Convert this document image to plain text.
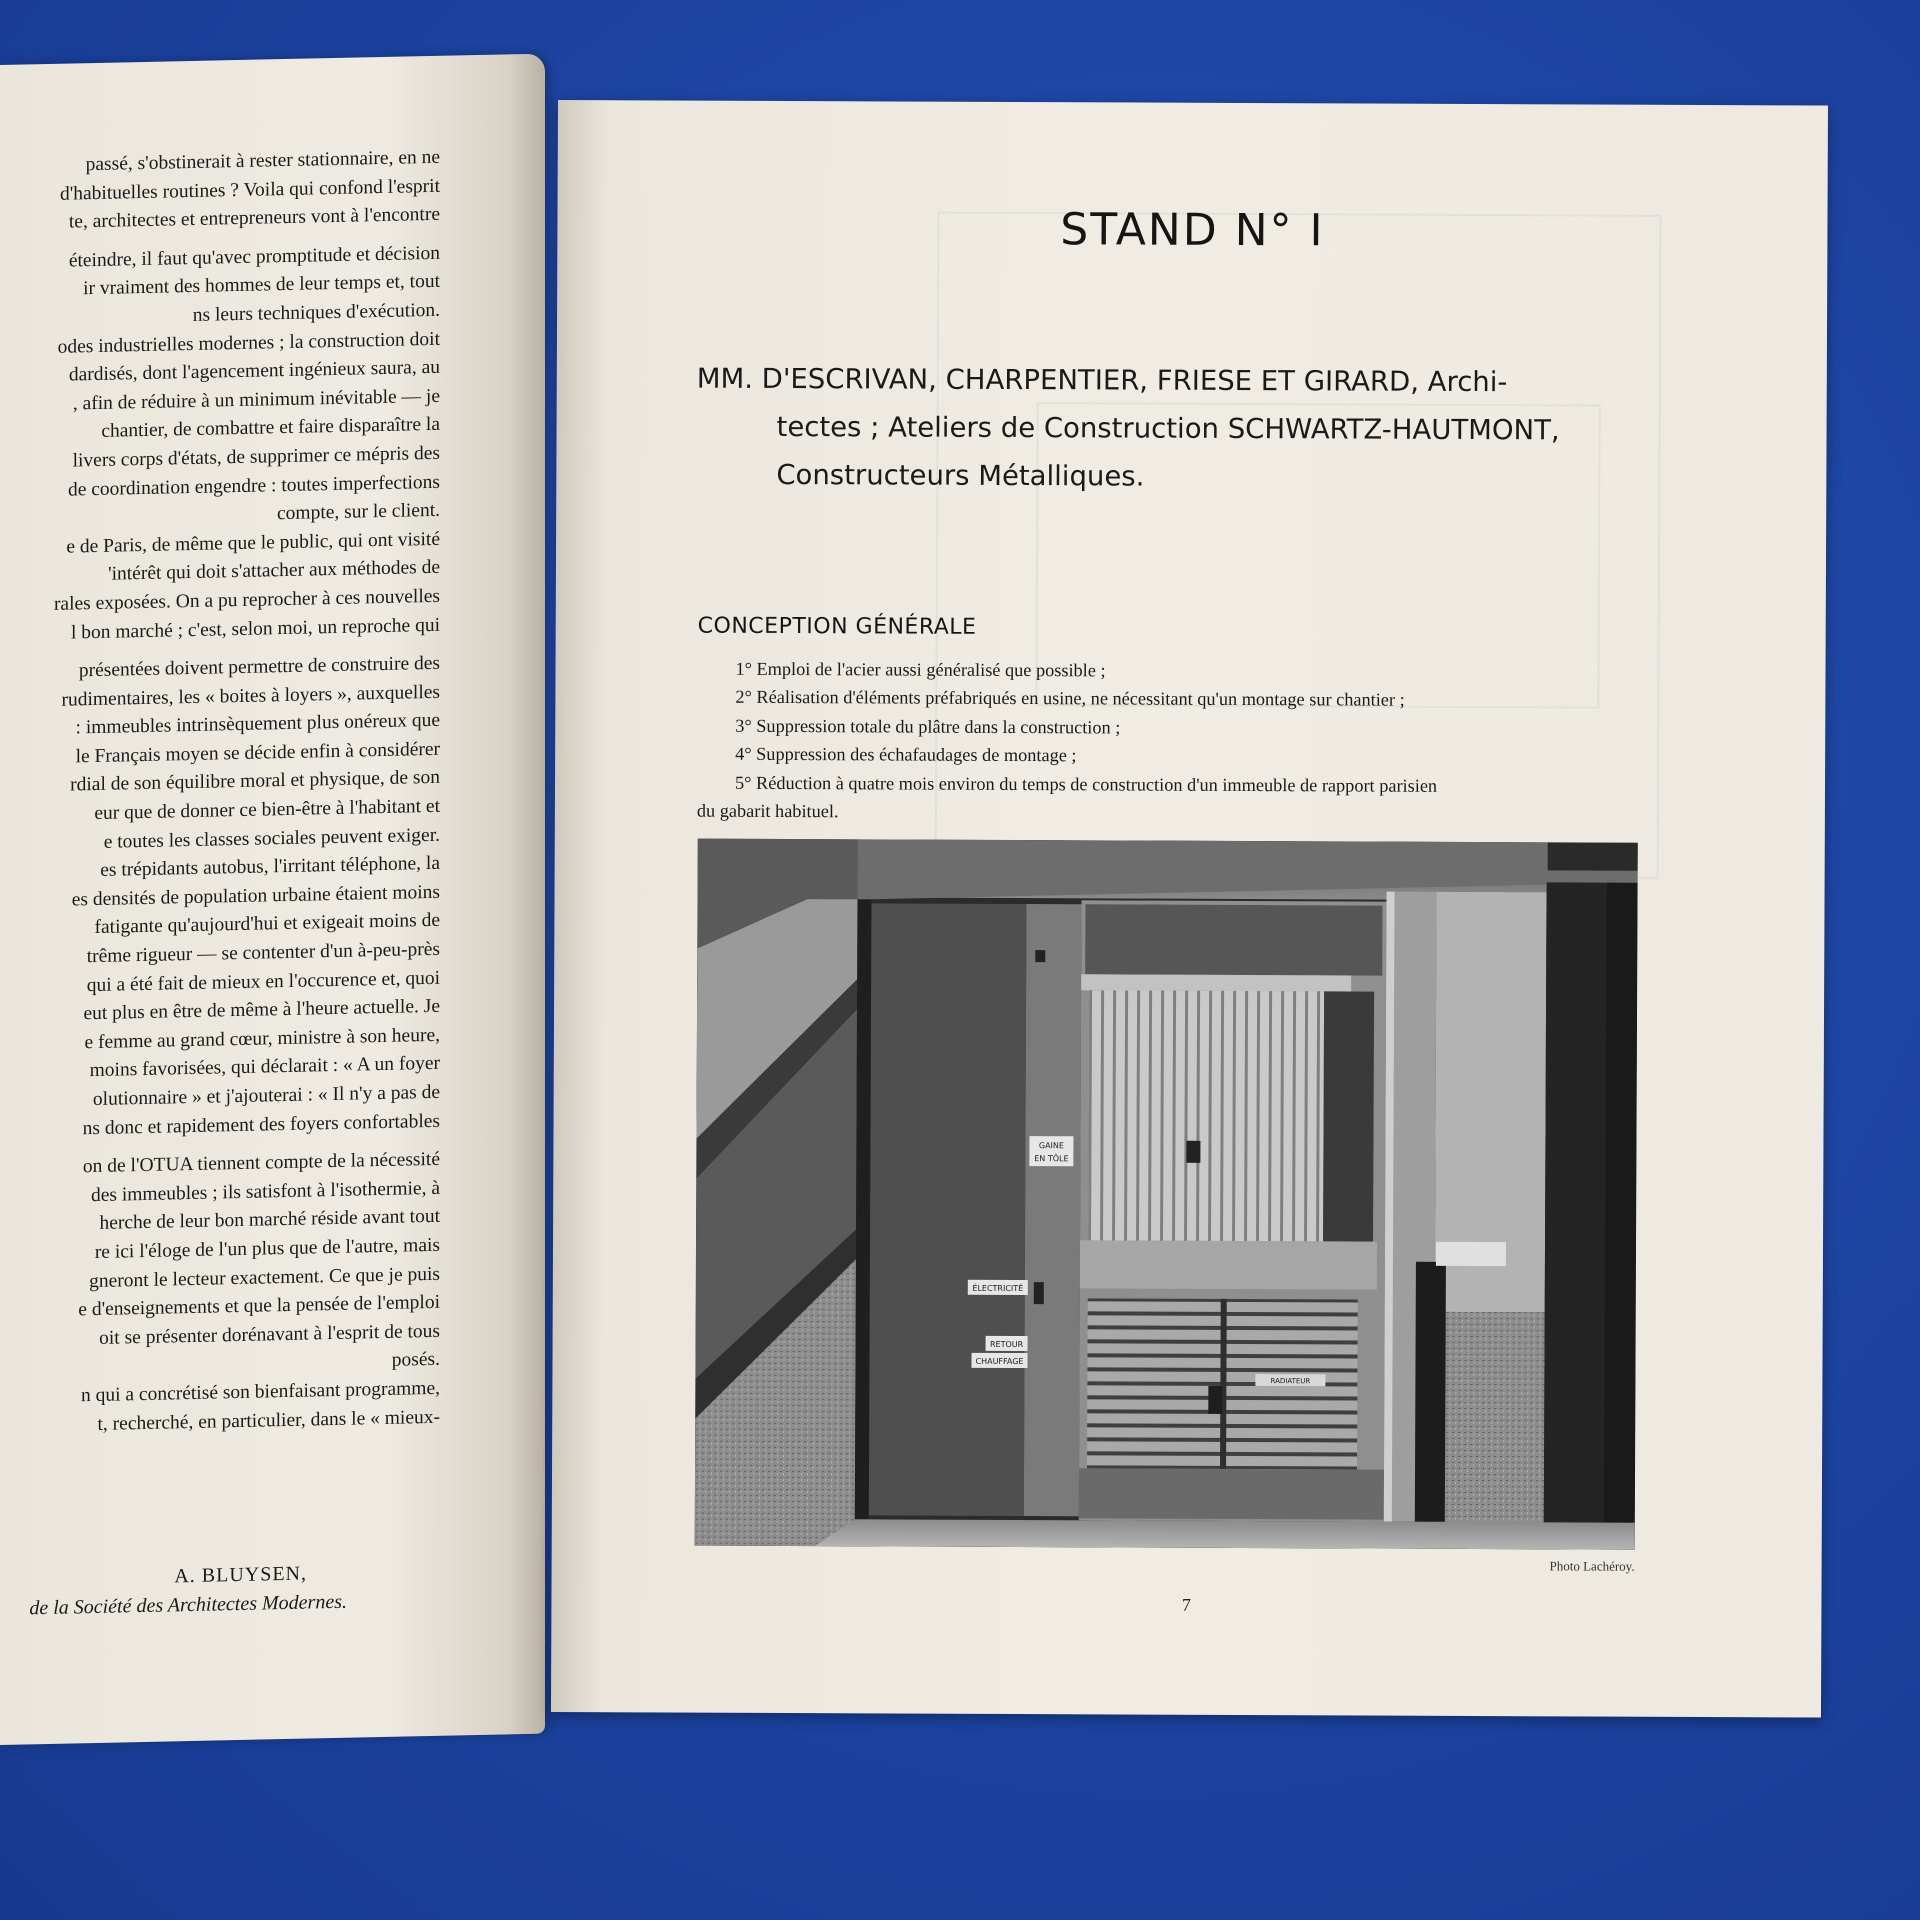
passé, s'obstinerait à rester stationnaire, en ne
d'habituelles routines ? Voila qui confond l'esprit
te, architectes et entrepreneurs vont à l'encontre
éteindre, il faut qu'avec promptitude et décision
ir vraiment des hommes de leur temps et, tout
ns leurs techniques d'exécution.
odes industrielles modernes ; la construction doit
dardisés, dont l'agencement ingénieux saura, au
, afin de réduire à un minimum inévitable — je
chantier, de combattre et faire disparaître la
livers corps d'états, de supprimer ce mépris des
de coordination engendre : toutes imperfections
compte, sur le client.
e de Paris, de même que le public, qui ont visité
'intérêt qui doit s'attacher aux méthodes de
rales exposées. On a pu reprocher à ces nouvelles
l bon marché ; c'est, selon moi, un reproche qui
présentées doivent permettre de construire des
rudimentaires, les « boites à loyers », auxquelles
: immeubles intrinsèquement plus onéreux que
le Français moyen se décide enfin à considérer
rdial de son équilibre moral et physique, de son
eur que de donner ce bien-être à l'habitant et
e toutes les classes sociales peuvent exiger.
es trépidants autobus, l'irritant téléphone, la
es densités de population urbaine étaient moins
fatigante qu'aujourd'hui et exigeait moins de
trême rigueur — se contenter d'un à-peu-près
qui a été fait de mieux en l'occurence et, quoi
eut plus en être de même à l'heure actuelle. Je
e femme au grand cœur, ministre à son heure,
moins favorisées, qui déclarait : « A un foyer
olutionnaire » et j'ajouterai : « Il n'y a pas de
ns donc et rapidement des foyers confortables
on de l'OTUA tiennent compte de la nécessité
des immeubles ; ils satisfont à l'isothermie, à
herche de leur bon marché réside avant tout
re ici l'éloge de l'un plus que de l'autre, mais
gneront le lecteur exactement. Ce que je puis
e d'enseignements et que la pensée de l'emploi
oit se présenter dorénavant à l'esprit de tous
posés.
n qui a concrétisé son bienfaisant programme,
t, recherché, en particulier, dans le « mieux-
A. BLUYSEN,
de la Société des Architectes Modernes.
STAND N° I
MM. D'ESCRIVAN, CHARPENTIER, FRIESE ET GIRARD, Archi-
tectes ; Ateliers de Construction SCHWARTZ-HAUTMONT,
Constructeurs Métalliques.
CONCEPTION GÉNÉRALE
1° Emploi de l'acier aussi généralisé que possible ;
2° Réalisation d'éléments préfabriqués en usine, ne nécessitant qu'un montage sur chantier ;
3° Suppression totale du plâtre dans la construction ;
4° Suppression des échafaudages de montage ;
5° Réduction à quatre mois environ du temps de construction d'un immeuble de rapport parisien
du gabarit habituel.
GAINE
EN TÔLE
ÉLECTRICITÉ
RETOUR
CHAUFFAGE
RADIATEUR
Photo Lachéroy.
7
